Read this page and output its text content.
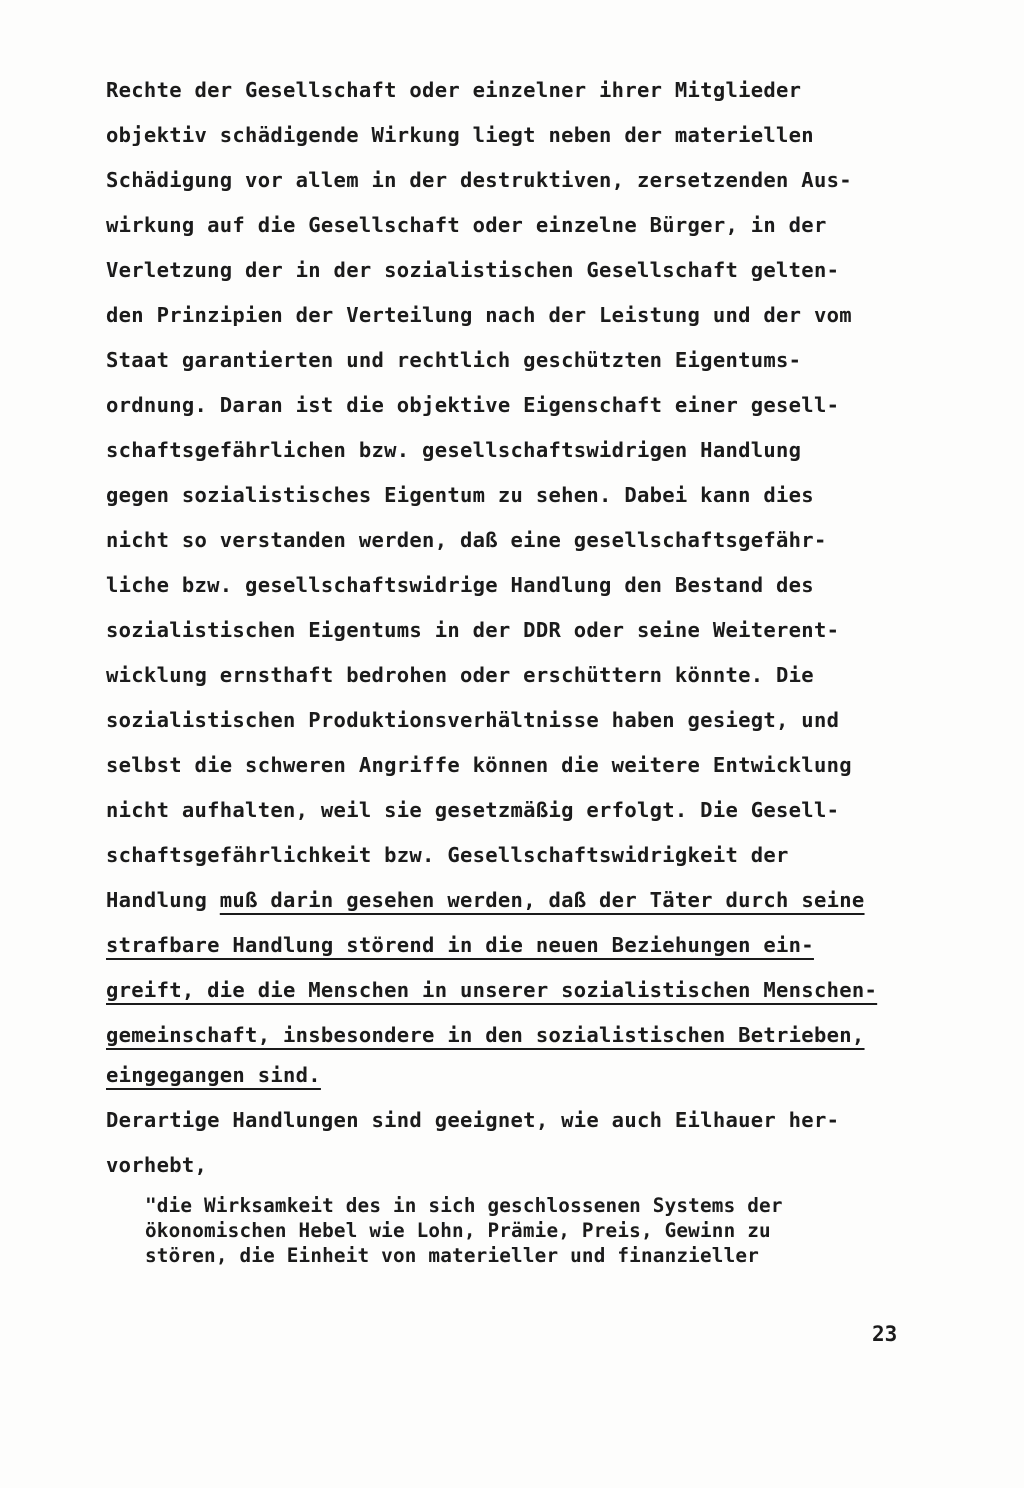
Rechte der Gesellschaft oder einzelner ihrer Mitglieder
objektiv schädigende Wirkung liegt neben der materiellen
Schädigung vor allem in der destruktiven, zersetzenden Aus-
wirkung auf die Gesellschaft oder einzelne Bürger, in der
Verletzung der in der sozialistischen Gesellschaft gelten-
den Prinzipien der Verteilung nach der Leistung und der vom
Staat garantierten und rechtlich geschützten Eigentums-
ordnung. Daran ist die objektive Eigenschaft einer gesell-
schaftsgefährlichen bzw. gesellschaftswidrigen Handlung
gegen sozialistisches Eigentum zu sehen. Dabei kann dies
nicht so verstanden werden, daß eine gesellschaftsgefähr-
liche bzw. gesellschaftswidrige Handlung den Bestand des
sozialistischen Eigentums in der DDR oder seine Weiterent-
wicklung ernsthaft bedrohen oder erschüttern könnte. Die
sozialistischen Produktionsverhältnisse haben gesiegt, und
selbst die schweren Angriffe können die weitere Entwicklung
nicht aufhalten, weil sie gesetzmäßig erfolgt. Die Gesell-
schaftsgefährlichkeit bzw. Gesellschaftswidrigkeit der
Handlung muß darin gesehen werden, daß der Täter durch seine
strafbare Handlung störend in die neuen Beziehungen ein-
greift, die die Menschen in unserer sozialistischen Menschen-
gemeinschaft, insbesondere in den sozialistischen Betrieben,
eingegangen sind.
Derartige Handlungen sind geeignet, wie auch Eilhauer her-
vorhebt,
"die Wirksamkeit des in sich geschlossenen Systems der
ökonomischen Hebel wie Lohn, Prämie, Preis, Gewinn zu
stören, die Einheit von materieller und finanzieller
23
